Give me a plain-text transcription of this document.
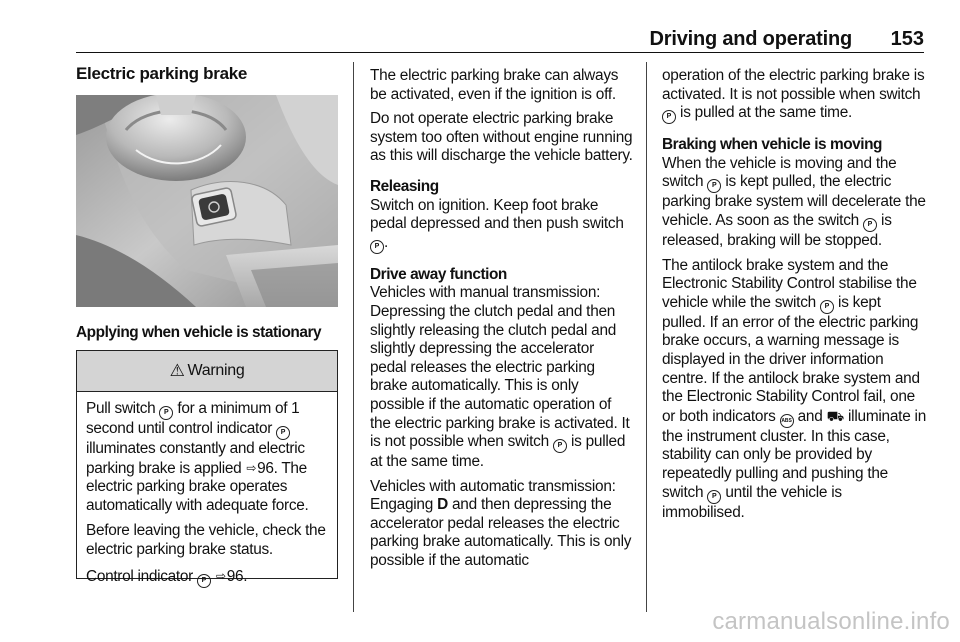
Driving and operating 153
Electric parking brake
Applying when vehicle is stationary
⚠ Warning

Pull switch P for a minimum of 1 second until control indicator P illuminates constantly and electric parking brake is applied ⇨96. The electric parking brake operates automatically with adequate force.

Before leaving the vehicle, check the electric parking brake status.

Control indicator P ⇨96.

The electric parking brake can always be activated, even if the ignition is off.

Do not operate electric parking brake system too often without engine running as this will discharge the vehicle battery.

Releasing

Switch on ignition. Keep foot brake pedal depressed and then push switch P .

Drive away function

Vehicles with manual transmission: Depressing the clutch pedal and then slightly releasing the clutch pedal and slightly depressing the accelerator pedal releases the electric parking brake automatically. This is only possible if the automatic operation of the electric parking brake is activated. It is not possible when switch P is pulled at the same time.

Vehicles with automatic transmission: Engaging D and then depressing the accelerator pedal releases the electric parking brake automatically. This is only possible if the automatic

operation of the electric parking brake is activated. It is not possible when switch P is pulled at the same time.

Braking when vehicle is moving

When the vehicle is moving and the switch P is kept pulled, the electric parking brake system will decelerate the vehicle. As soon as the switch P is released, braking will be stopped.

The antilock brake system and the Electronic Stability Control stabilise the vehicle while the switch P is kept pulled. If an error of the electric parking brake occurs, a warning message is displayed in the driver information centre. If the antilock brake system and the Electronic Stability Control fail, one or both indicators ABS and ⛟ illuminate in the instrument cluster. In this case, stability can only be provided by repeatedly pulling and pushing the switch P until the vehicle is immobilised.

carmanualsonline.info
